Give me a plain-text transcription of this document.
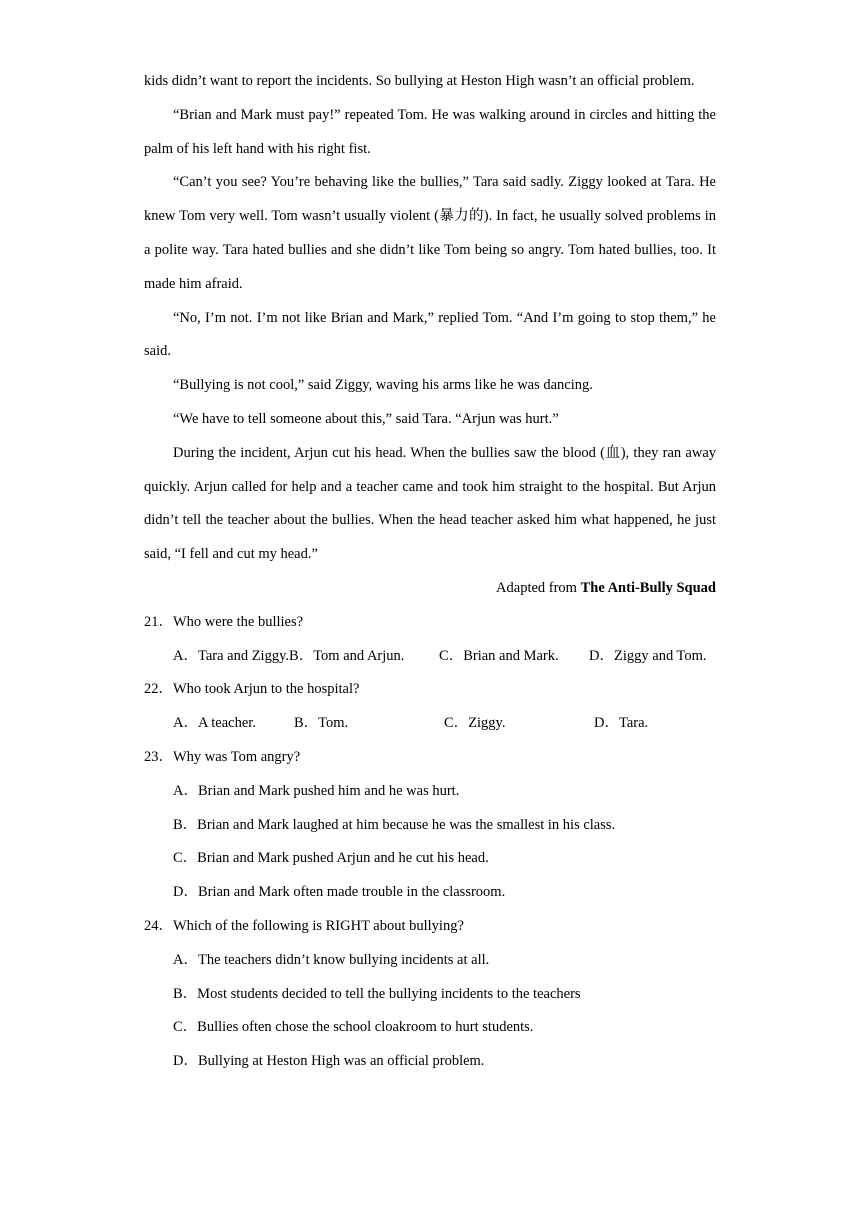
kids didn’t want to report the incidents. So bullying at Heston High wasn’t an official problem.

“Brian and Mark must pay!” repeated Tom. He was walking around in circles and hitting the palm of his left hand with his right fist.

“Can’t you see? You’re behaving like the bullies,” Tara said sadly. Ziggy looked at Tara. He knew Tom very well. Tom wasn’t usually violent (暴力的). In fact, he usually solved problems in a polite way. Tara hated bullies and she didn’t like Tom being so angry. Tom hated bullies, too. It made him afraid.

“No, I’m not. I’m not like Brian and Mark,” replied Tom. “And I’m going to stop them,” he said.

“Bullying is not cool,” said Ziggy, waving his arms like he was dancing.

“We have to tell someone about this,” said Tara. “Arjun was hurt.”

During the incident, Arjun cut his head. When the bullies saw the blood (血), they ran away quickly. Arjun called for help and a teacher came and took him straight to the hospital. But Arjun didn’t tell the teacher about the bullies. When the head teacher asked him what happened, he just said, “I fell and cut my head.”

Adapted from The Anti-Bully Squad

21．Who were the bullies?

A．Tara and Ziggy. B．Tom and Arjun.	C．Brian and Mark.	D．Ziggy and Tom.

22．Who took Arjun to the hospital?

A．A teacher.	B．Tom.	C．Ziggy.	D．Tara.

23．Why was Tom angry?

A．Brian and Mark pushed him and he was hurt.
B．Brian and Mark laughed at him because he was the smallest in his class.
C．Brian and Mark pushed Arjun and he cut his head.
D．Brian and Mark often made trouble in the classroom.

24．Which of the following is RIGHT about bullying?

A．The teachers didn’t know bullying incidents at all.
B．Most students decided to tell the bullying incidents to the teachers
C．Bullies often chose the school cloakroom to hurt students.
D．Bullying at Heston High was an official problem.
